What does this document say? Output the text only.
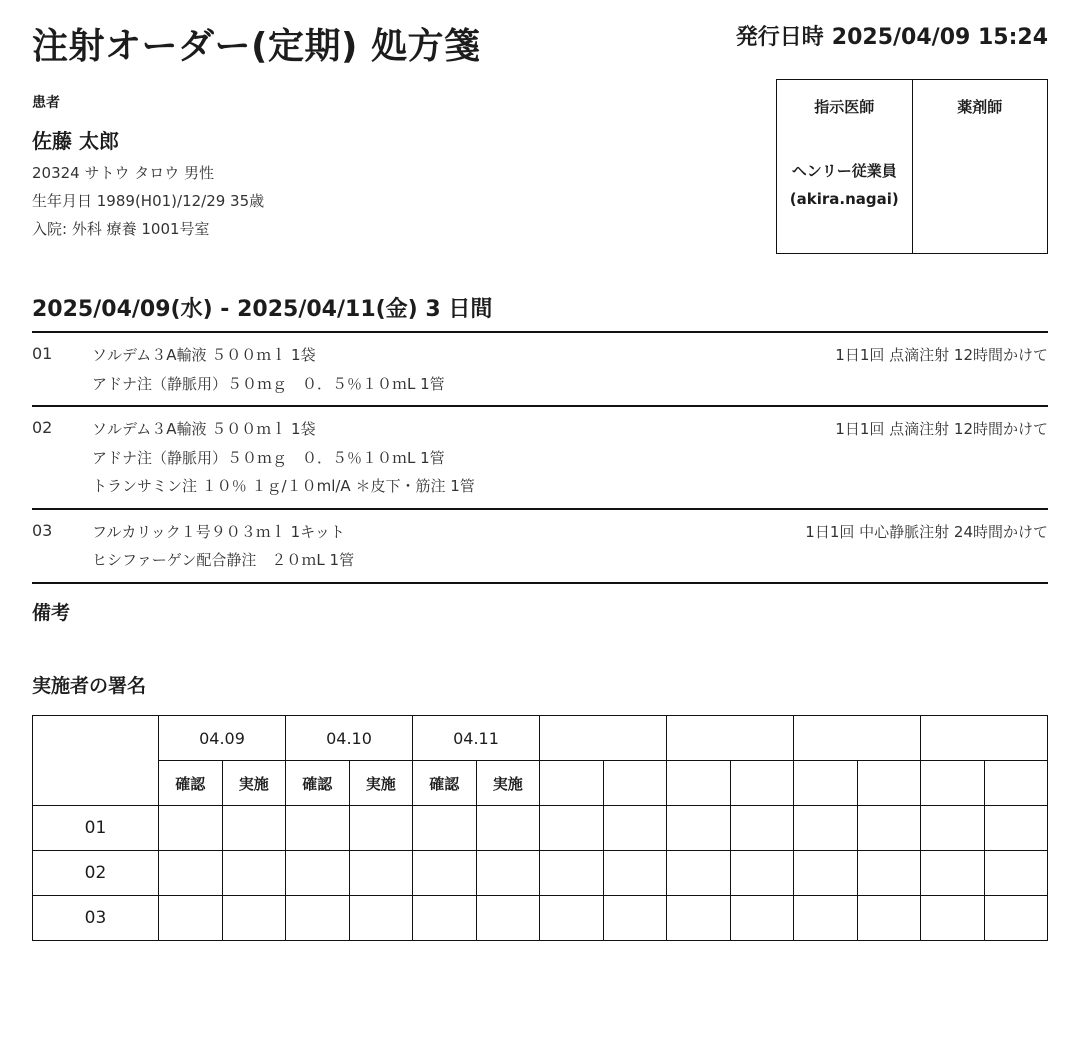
注射オーダー(定期) 処方箋	発行日時 2025/04/09 15:24
患者
佐藤 太郎
20324 サトウ タロウ 男性
生年月日 1989(H01)/12/29 35歳
入院: 外科 療養 1001号室
指示医師
ヘンリー従業員
(akira.nagai)
薬剤師
2025/04/09(水) - 2025/04/11(金) 3 日間
01	ソルデム３A輸液 ５００ｍｌ 1袋
アドナ注（静脈用）５０ｍｇ　０．５％１０ｍL 1管
1日1回 点滴注射 12時間かけて
02	ソルデム３A輸液 ５００ｍｌ 1袋
アドナ注（静脈用）５０ｍｇ　０．５％１０ｍL 1管
トランサミン注 １０％ １ｇ/１０ml/A ＊皮下・筋注 1管
1日1回 点滴注射 12時間かけて
03	フルカリック１号９０３ｍｌ 1キット
ヒシファーゲン配合静注　２０ｍL 1管
1日1回 中心静脈注射 24時間かけて
備考
実施者の署名
	04.09		04.10		04.11									
	確認	実施	確認	実施	確認	実施								
01														
02														
03														
